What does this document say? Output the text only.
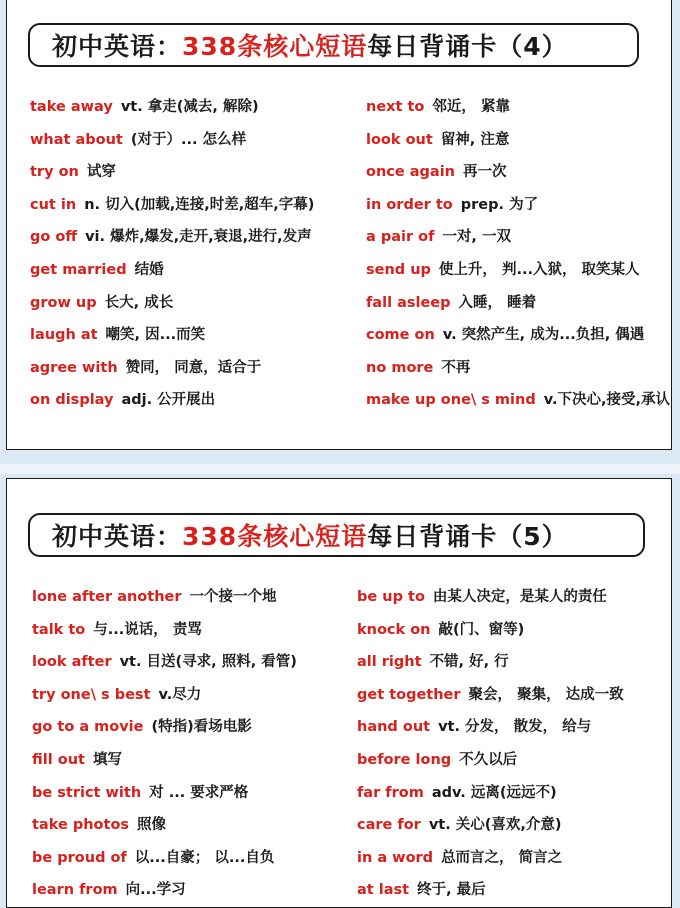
初中英语： 338条核心短语 每日背诵卡（4）
take away vt. 拿走(减去, 解除)
what about (对于）... 怎么样
try on 试穿
cut in n. 切入(加载,连接,时差,超车,字幕)
go off vi. 爆炸,爆发,走开,衰退,进行,发声
get married 结婚
grow up 长大, 成长
laugh at 嘲笑, 因...而笑
agree with 赞同， 同意，适合于
on display adj. 公开展出
next to 邻近， 紧靠
look out 留神, 注意
once again 再一次
in order to prep. 为了
a pair of 一对, 一双
send up 使上升， 判...入狱， 取笑某人
fall asleep 入睡， 睡着
come on v. 突然产生, 成为...负担, 偶遇
no more 不再
make up one\ s mind v.下决心,接受,承认
初中英语： 338条核心短语 每日背诵卡（5）
lone after another 一个接一个地
talk to 与...说话， 责骂
look after vt. 目送(寻求, 照料, 看管)
try one\ s best v.尽力
go to a movie (特指)看场电影
fill out 填写
be strict with 对 ... 要求严格
take photos 照像
be proud of 以...自豪； 以...自负
learn from 向...学习
be up to 由某人决定，是某人的责任
knock on 敲(门、窗等)
all right 不错, 好, 行
get together 聚会， 聚集， 达成一致
hand out vt. 分发， 散发， 给与
before long 不久以后
far from adv. 远离(远远不)
care for vt. 关心(喜欢,介意)
in a word 总而言之， 简言之
at last 终于, 最后
